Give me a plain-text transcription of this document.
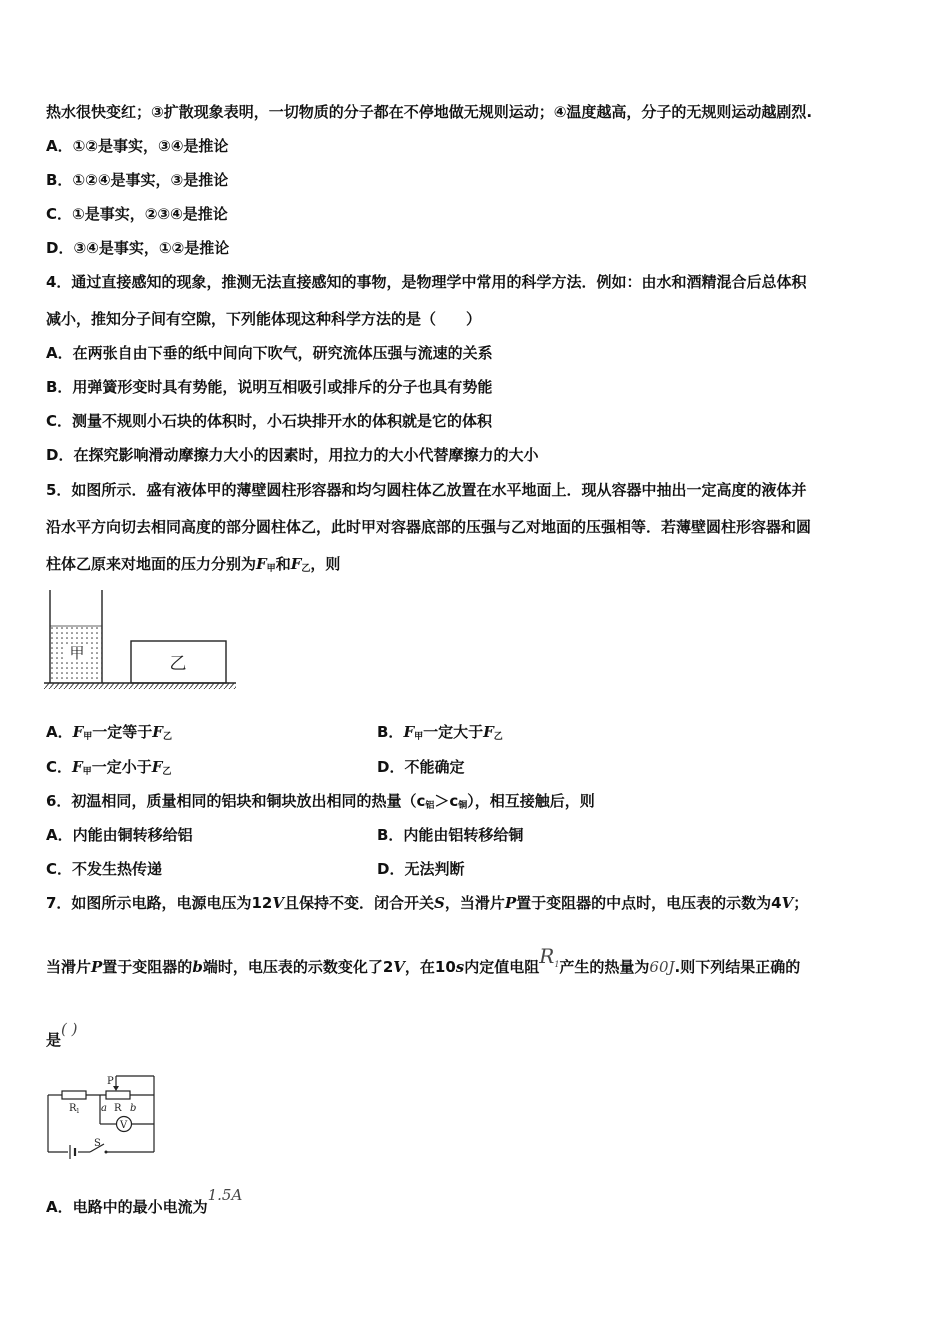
热水很快变红；③扩散现象表明，一切物质的分子都在不停地做无规则运动；④温度越高，分子的无规则运动越剧烈.
A．①②是事实，③④是推论
B．①②④是事实，③是推论
C．①是事实，②③④是推论
D．③④是事实，①②是推论
4．通过直接感知的现象，推测无法直接感知的事物，是物理学中常用的科学方法．例如：由水和酒精混合后总体积
减小，推知分子间有空隙，下列能体现这种科学方法的是（　　）
A．在两张自由下垂的纸中间向下吹气，研究流体压强与流速的关系
B．用弹簧形变时具有势能，说明互相吸引或排斥的分子也具有势能
C．测量不规则小石块的体积时，小石块排开水的体积就是它的体积
D．在探究影响滑动摩擦力大小的因素时，用拉力的大小代替摩擦力的大小
5．如图所示．盛有液体甲的薄壁圆柱形容器和均匀圆柱体乙放置在水平地面上．现从容器中抽出一定高度的液体并
沿水平方向切去相同高度的部分圆柱体乙，此时甲对容器底部的压强与乙对地面的压强相等．若薄壁圆柱形容器和圆
柱体乙原来对地面的压力分别为$F_甲$和$F_乙$，则
甲
乙
A．$F_甲$一定等于$F_乙$	B．$F_甲$一定大于$F_乙$
C．$F_甲$一定小于$F_乙$	D．不能确定
6．初温相同，质量相同的铝块和铜块放出相同的热量$(c_铝>c_铜)$，相互接触后，则
A．内能由铜转移给铝	B．内能由铝转移给铜
C．不发生热传递	D．无法判断
7．如图所示电路，电源电压为12V且保持不变．闭合开关S，当滑片P置于变阻器的中点时，电压表的示数为4V；
当滑片P置于变阻器的b端时，电压表的示数变化了2V，在10s内定值电阻$R^1$产生的热量为60J.则下列结果正确的
是( )
R 1
P
a R b
V
S
A．电路中的最小电流为1.5A
